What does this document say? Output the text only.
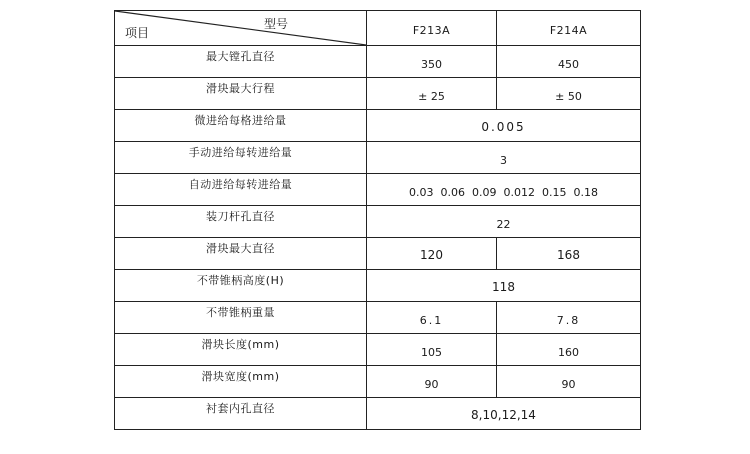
型号
项目	F213A	F214A
最大镗孔直径	350	450
滑块最大行程	± 25	± 50
微进给每格进给量	0.005	
手动进给每转进给量	3	
自动进给每转进给量	0.03  0.06  0.09  0.012  0.15  0.18	
装刀杆孔直径	22	
滑块最大直径	120	168
不带锥柄高度(H)	118	
不带锥柄重量	6.1	7.8
滑块长度(mm)	105	160
滑块宽度(mm)	90	90
衬套内孔直径	8,10,12,14	
